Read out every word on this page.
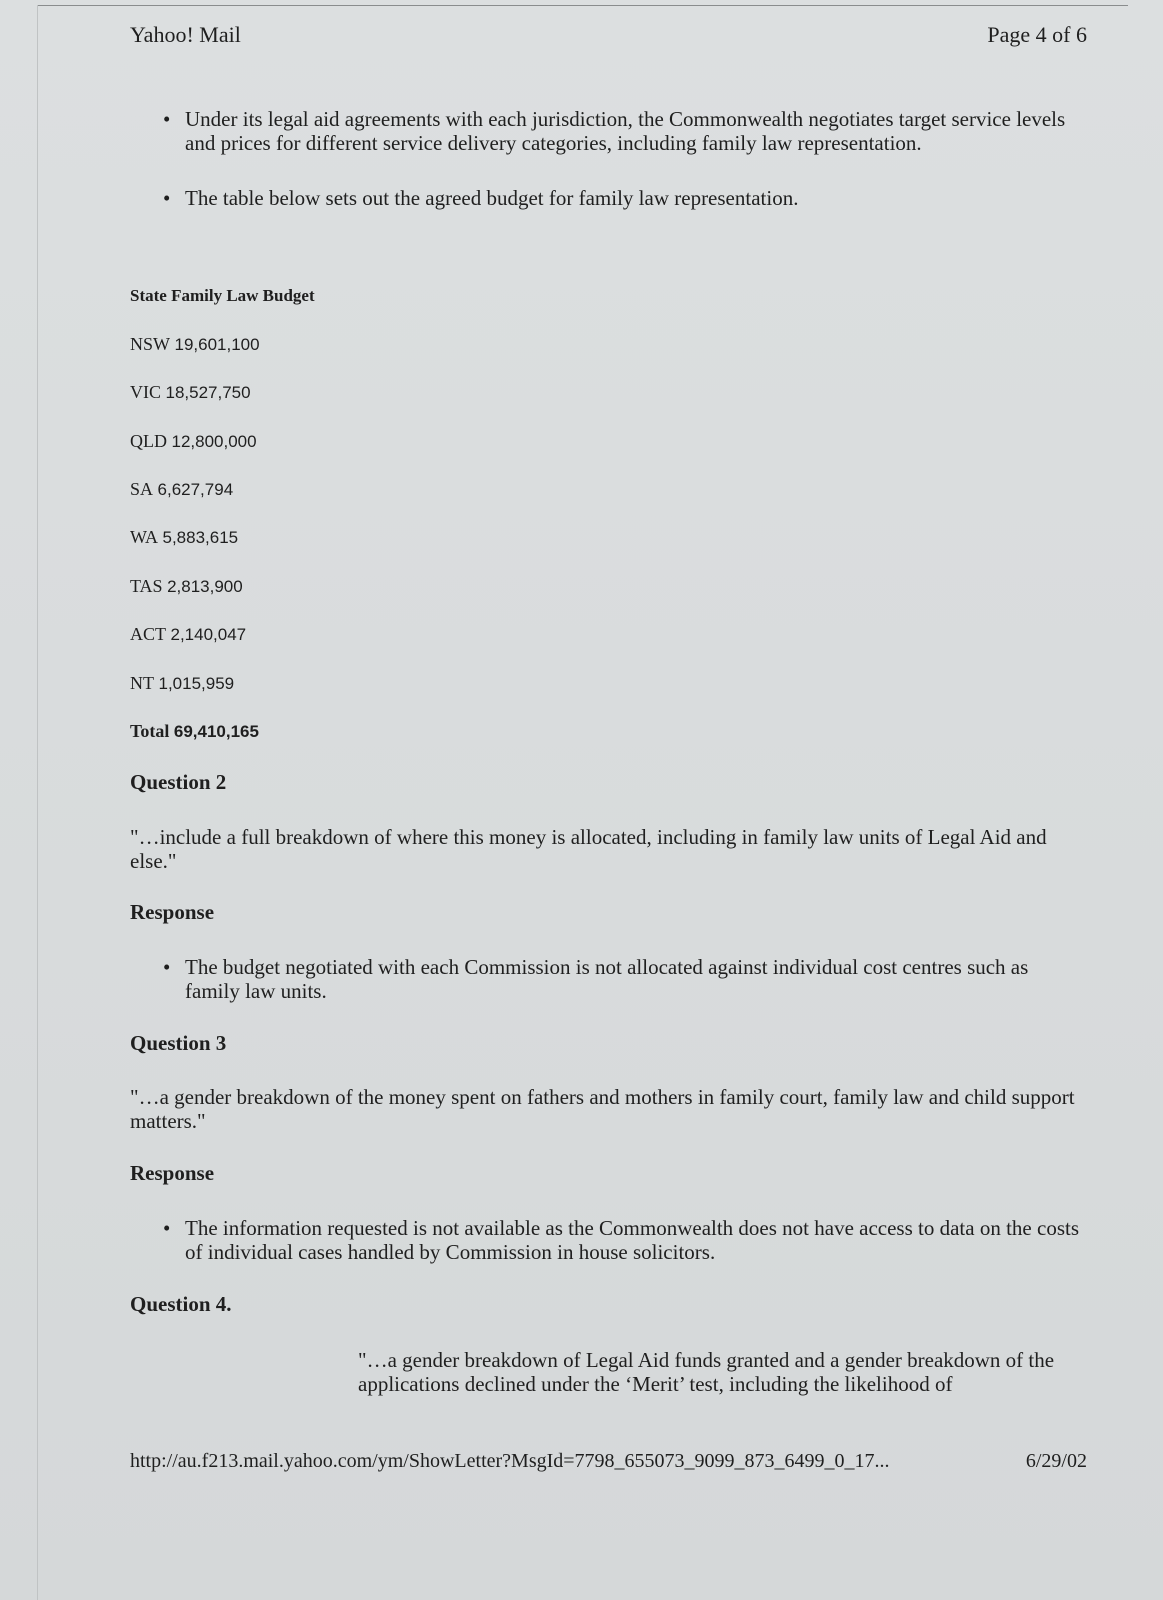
Yahoo! Mail	Page 4 of 6
• Under its legal aid agreements with each jurisdiction, the Commonwealth negotiates target service levels and prices for different service delivery categories, including family law representation.
• The table below sets out the agreed budget for family law representation.
State Family Law Budget
NSW 19,601,100
VIC 18,527,750
QLD 12,800,000
SA 6,627,794
WA 5,883,615
TAS 2,813,900
ACT 2,140,047
NT 1,015,959
Total 69,410,165
Question 2
"…include a full breakdown of where this money is allocated, including in family law units of Legal Aid and else."
Response
• The budget negotiated with each Commission is not allocated against individual cost centres such as family law units.
Question 3
"…a gender breakdown of the money spent on fathers and mothers in family court, family law and child support matters."
Response
• The information requested is not available as the Commonwealth does not have access to data on the costs of individual cases handled by Commission in house solicitors.
Question 4.
"…a gender breakdown of Legal Aid funds granted and a gender breakdown of the applications declined under the ‘Merit’ test, including the likelihood of
http://au.f213.mail.yahoo.com/ym/ShowLetter?MsgId=7798_655073_9099_873_6499_0_17...	6/29/02
